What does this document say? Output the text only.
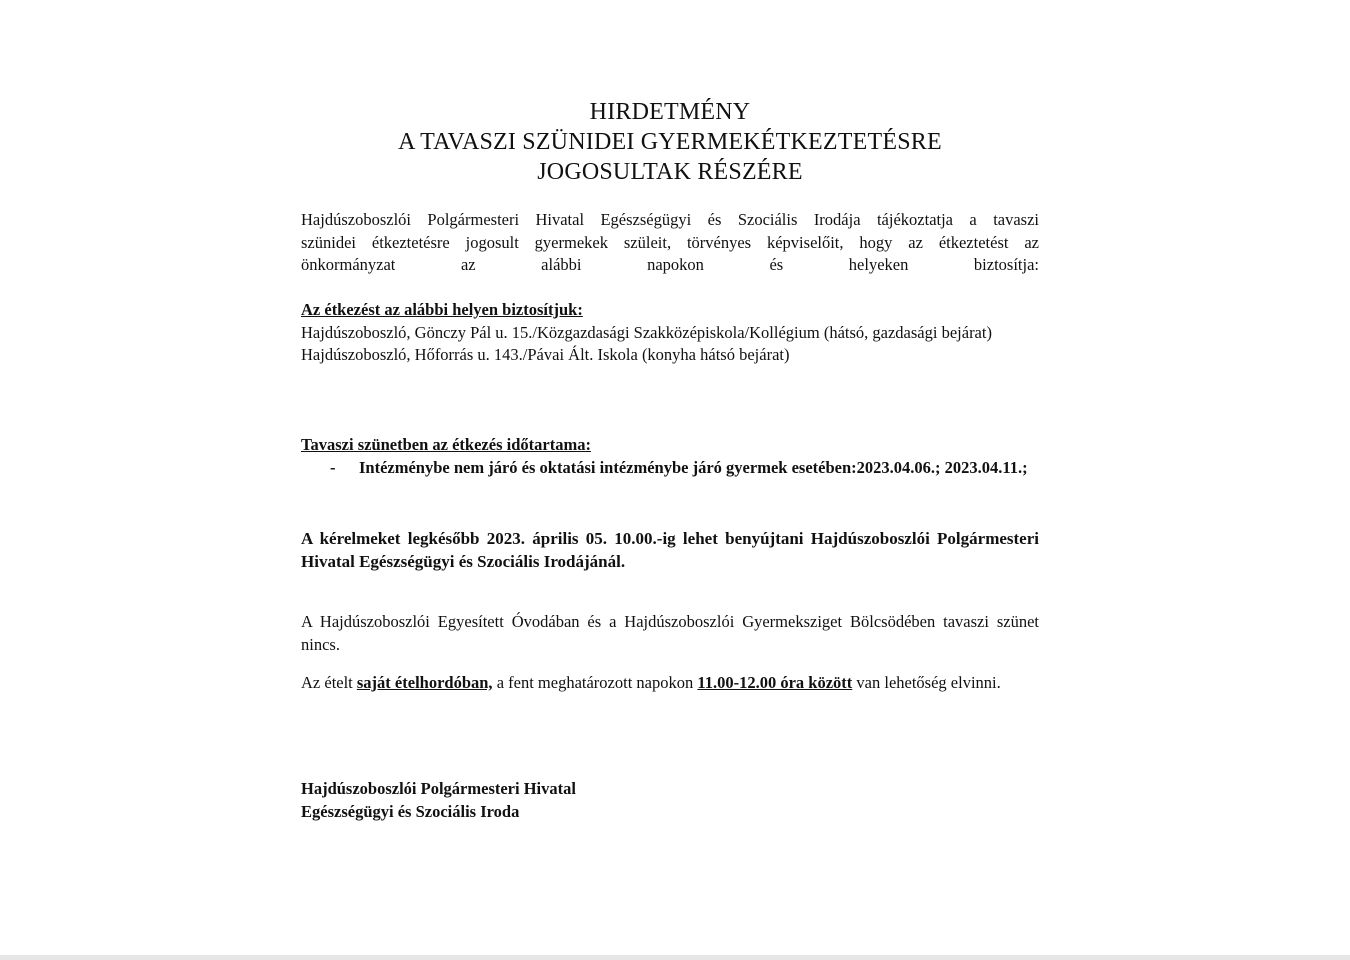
HIRDETMÉNY
A TAVASZI SZÜNIDEI GYERMEKÉTKEZTETÉSRE
JOGOSULTAK RÉSZÉRE
Hajdúszoboszlói Polgármesteri Hivatal Egészségügyi és Szociális Irodája tájékoztatja a tavaszi
szünidei étkeztetésre jogosult gyermekek szüleit, törvényes képviselőit, hogy az étkeztetést az
önkormányzat az alábbi napokon és helyeken biztosítja:
Az étkezést az alábbi helyen biztosítjuk:
Hajdúszoboszló, Gönczy Pál u. 15./Közgazdasági Szakközépiskola/Kollégium (hátsó, gazdasági bejárat)
Hajdúszoboszló, Hőforrás u. 143./Pávai Ált. Iskola (konyha hátsó bejárat)
Tavaszi szünetben az étkezés időtartama:
- Intézménybe nem járó és oktatási intézménybe járó gyermek esetében:2023.04.06.; 2023.04.11.;

A kérelmeket legkésőbb 2023. április 05. 10.00.-ig lehet benyújtani Hajdúszoboszlói Polgármesteri Hivatal Egészségügyi és Szociális Irodájánál.

A Hajdúszoboszlói Egyesített Óvodában és a Hajdúszoboszlói Gyermeksziget Bölcsödében tavaszi szünet nincs.

Az ételt saját ételhordóban, a fent meghatározott napokon 11.00-12.00 óra között van lehetőség elvinni.

Hajdúszoboszlói Polgármesteri Hivatal
Egészségügyi és Szociális Iroda
